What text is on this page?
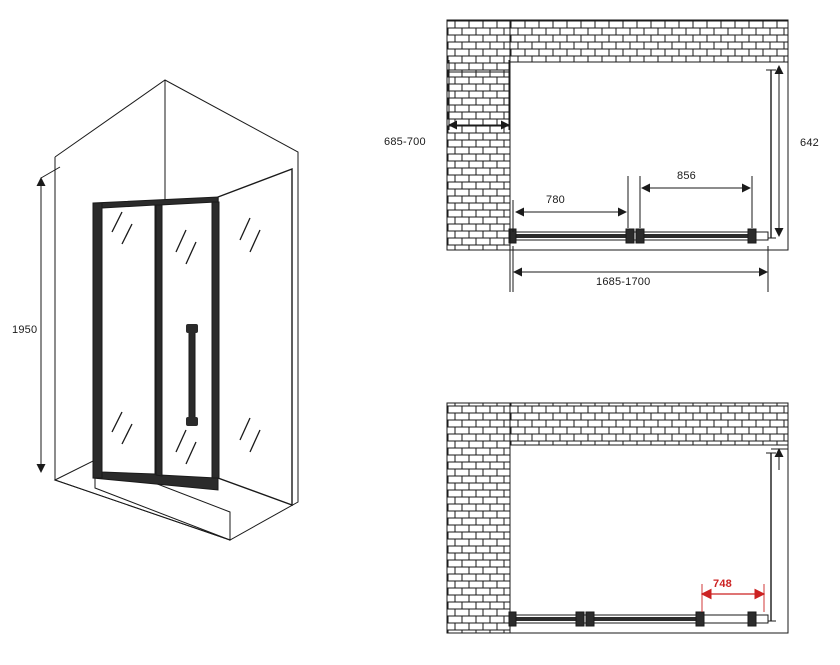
1950
685-700	642
780
856
1685-1700
748
